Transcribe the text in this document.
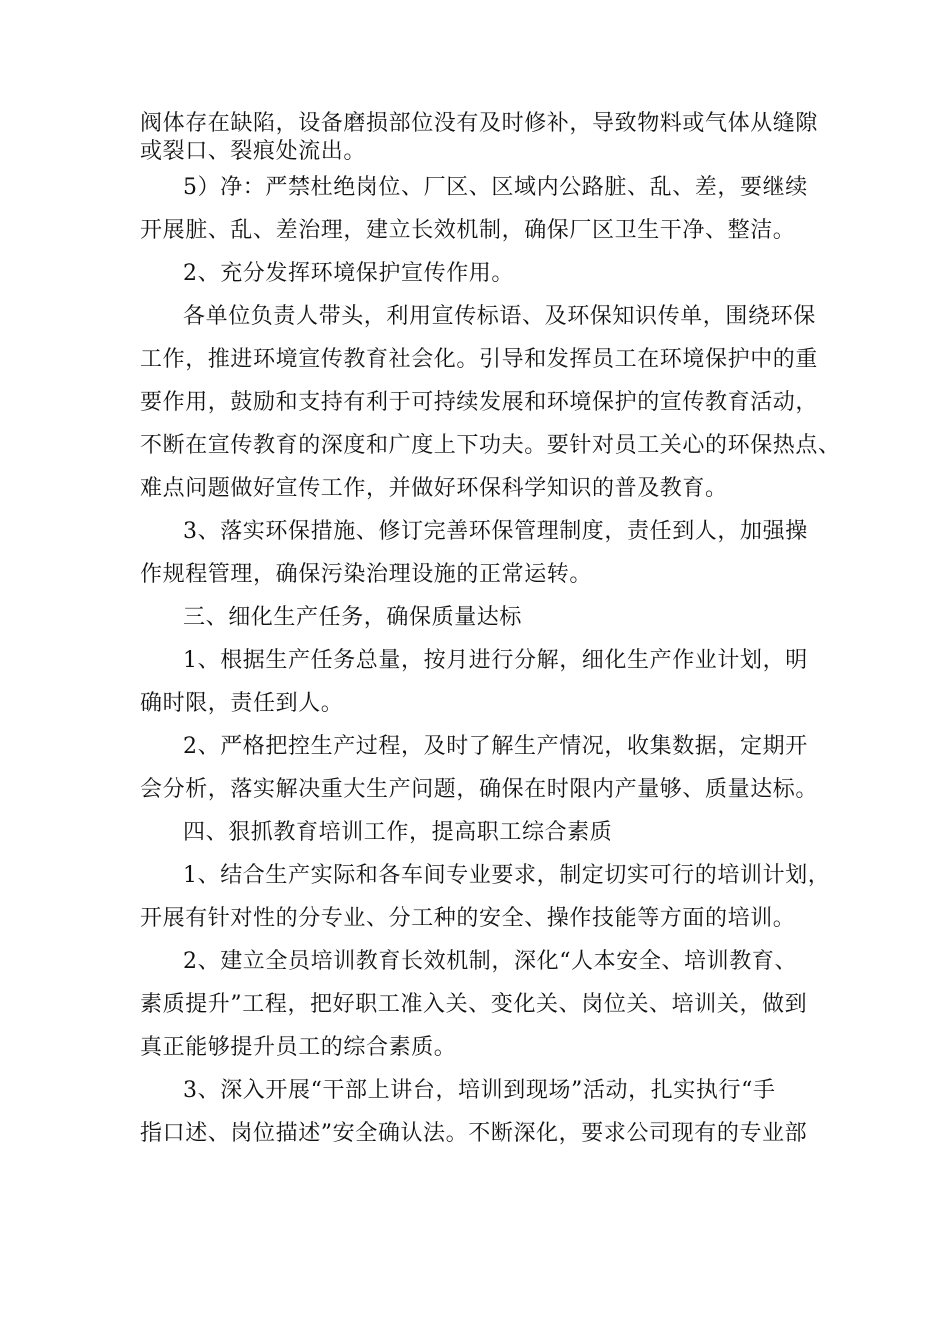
阀体存在缺陷，设备磨损部位没有及时修补，导致物料或气体从缝隙
或裂口、裂痕处流出。
5）净：严禁杜绝岗位、厂区、区域内公路脏、乱、差，要继续
开展脏、乱、差治理，建立长效机制，确保厂区卫生干净、整洁。
2、充分发挥环境保护宣传作用。
各单位负责人带头，利用宣传标语、及环保知识传单，围绕环保
工作，推进环境宣传教育社会化。引导和发挥员工在环境保护中的重
要作用，鼓励和支持有利于可持续发展和环境保护的宣传教育活动，
不断在宣传教育的深度和广度上下功夫。要针对员工关心的环保热点、
难点问题做好宣传工作，并做好环保科学知识的普及教育。
3、落实环保措施、修订完善环保管理制度，责任到人，加强操
作规程管理，确保污染治理设施的正常运转。
三、细化生产任务，确保质量达标
1、根据生产任务总量，按月进行分解，细化生产作业计划，明
确时限，责任到人。
2、严格把控生产过程，及时了解生产情况，收集数据，定期开
会分析，落实解决重大生产问题，确保在时限内产量够、质量达标。
四、狠抓教育培训工作，提高职工综合素质
1、结合生产实际和各车间专业要求，制定切实可行的培训计划，
开展有针对性的分专业、分工种的安全、操作技能等方面的培训。
2、建立全员培训教育长效机制，深化“人本安全、培训教育、
素质提升”工程，把好职工准入关、变化关、岗位关、培训关，做到
真正能够提升员工的综合素质。
3、深入开展“干部上讲台，培训到现场”活动，扎实执行“手
指口述、岗位描述”安全确认法。不断深化，要求公司现有的专业部
